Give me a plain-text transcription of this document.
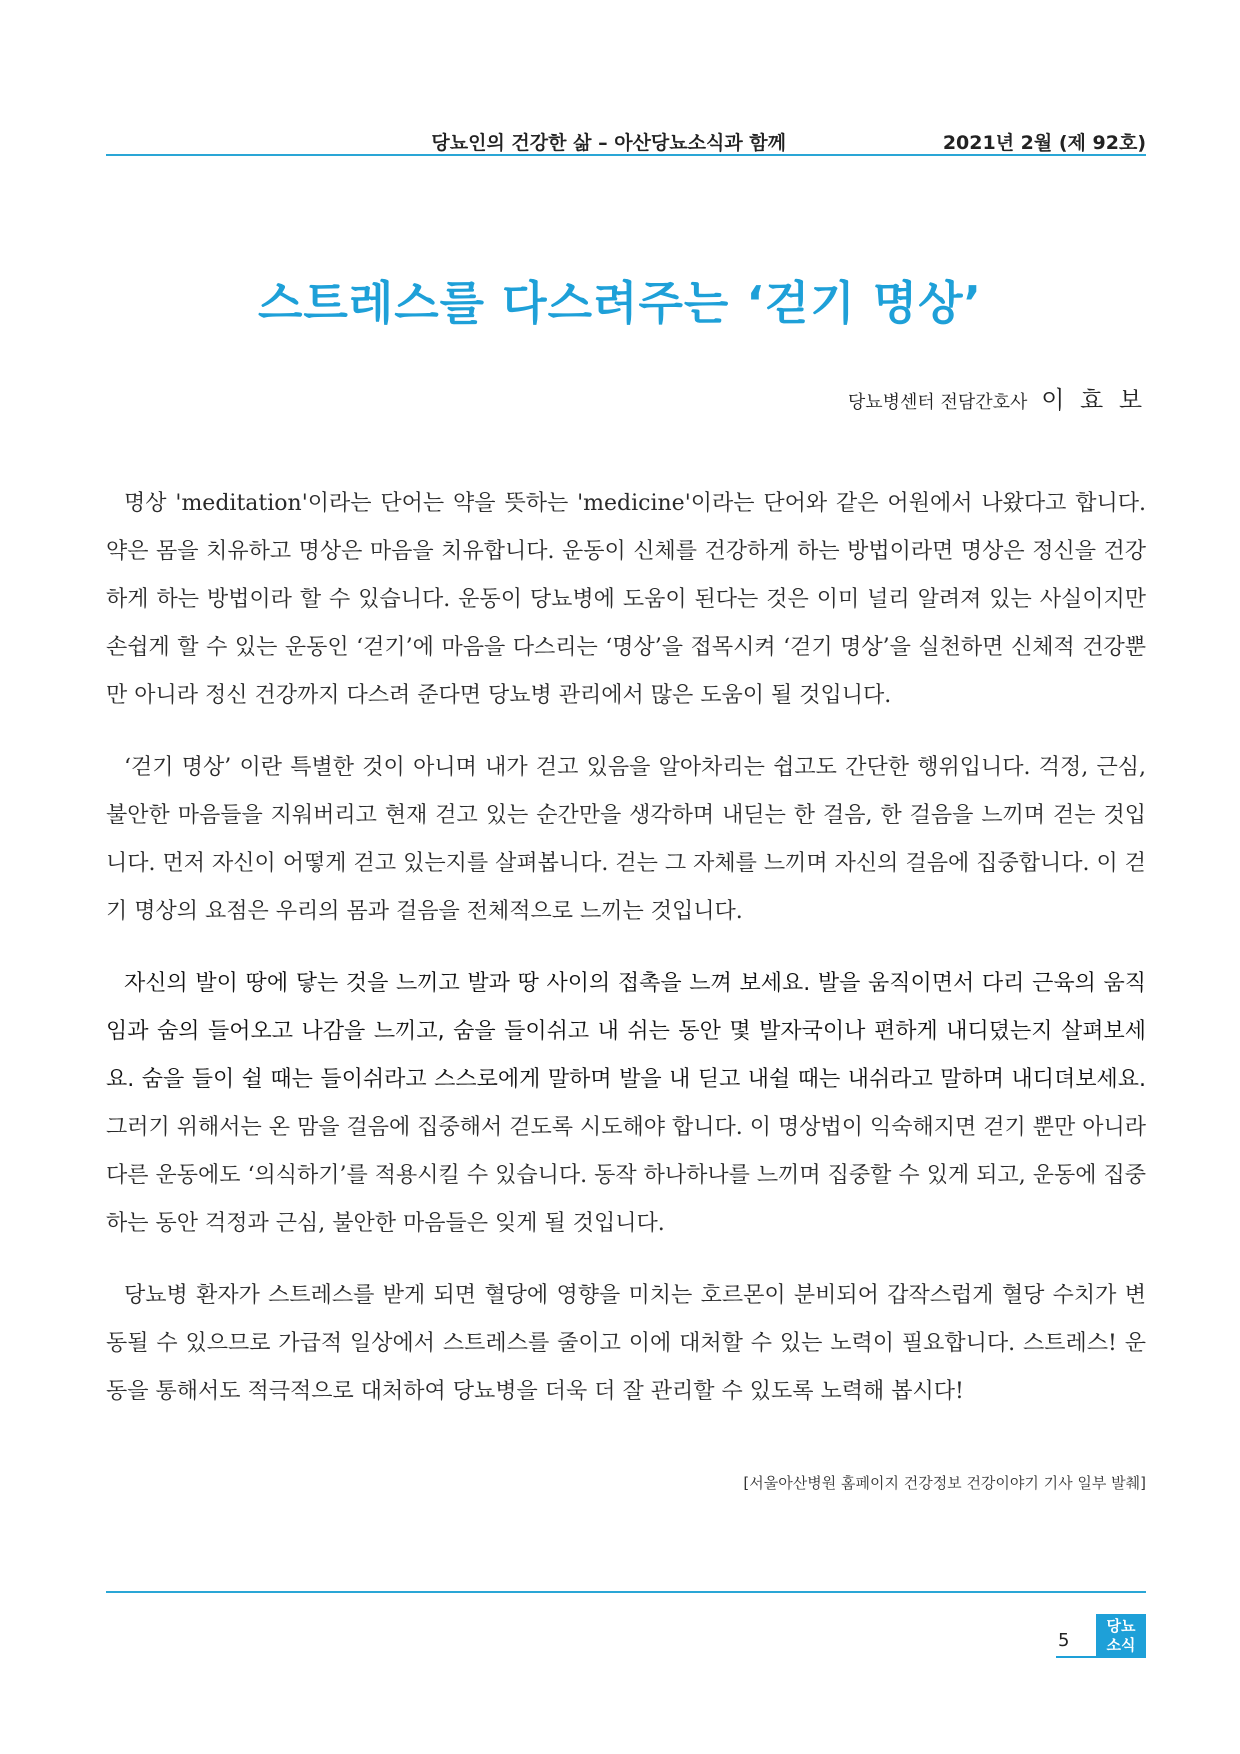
당뇨인의 건강한 삶 – 아산당뇨소식과 함께	2021년 2월 (제 92호)
스트레스를 다스려주는 ‘걷기 명상’
당뇨병센터 전담간호사 이 효 보

명상 'meditation'이라는 단어는 약을 뜻하는 'medicine'이라는 단어와 같은 어원에서 나왔다고 합니다. 약은 몸을 치유하고 명상은 마음을 치유합니다. 운동이 신체를 건강하게 하는 방법이라면 명상은 정신을 건강하게 하는 방법이라 할 수 있습니다. 운동이 당뇨병에 도움이 된다는 것은 이미 널리 알려져 있는 사실이지만 손쉽게 할 수 있는 운동인 ‘걷기’에 마음을 다스리는 ‘명상’을 접목시켜 ‘걷기 명상’을 실천하면 신체적 건강뿐만 아니라 정신 건강까지 다스려 준다면 당뇨병 관리에서 많은 도움이 될 것입니다.

‘걷기 명상’ 이란 특별한 것이 아니며 내가 걷고 있음을 알아차리는 쉽고도 간단한 행위입니다. 걱정, 근심, 불안한 마음들을 지워버리고 현재 걷고 있는 순간만을 생각하며 내딛는 한 걸음, 한 걸음을 느끼며 걷는 것입니다. 먼저 자신이 어떻게 걷고 있는지를 살펴봅니다. 걷는 그 자체를 느끼며 자신의 걸음에 집중합니다. 이 걷기 명상의 요점은 우리의 몸과 걸음을 전체적으로 느끼는 것입니다.

자신의 발이 땅에 닿는 것을 느끼고 발과 땅 사이의 접촉을 느껴 보세요. 발을 움직이면서 다리 근육의 움직임과 숨의 들어오고 나감을 느끼고, 숨을 들이쉬고 내 쉬는 동안 몇 발자국이나 편하게 내디뎠는지 살펴보세요. 숨을 들이 쉴 때는 들이쉬라고 스스로에게 말하며 발을 내 딛고 내쉴 때는 내쉬라고 말하며 내디뎌보세요. 그러기 위해서는 온 맘을 걸음에 집중해서 걷도록 시도해야 합니다. 이 명상법이 익숙해지면 걷기 뿐만 아니라 다른 운동에도 ‘의식하기’를 적용시킬 수 있습니다. 동작 하나하나를 느끼며 집중할 수 있게 되고, 운동에 집중 하는 동안 걱정과 근심, 불안한 마음들은 잊게 될 것입니다.

당뇨병 환자가 스트레스를 받게 되면 혈당에 영향을 미치는 호르몬이 분비되어 갑작스럽게 혈당 수치가 변동될 수 있으므로 가급적 일상에서 스트레스를 줄이고 이에 대처할 수 있는 노력이 필요합니다. 스트레스! 운동을 통해서도 적극적으로 대처하여 당뇨병을 더욱 더 잘 관리할 수 있도록 노력해 봅시다!

[서울아산병원 홈페이지 건강정보 건강이야기 기사 일부 발췌]
5
당뇨
소식
